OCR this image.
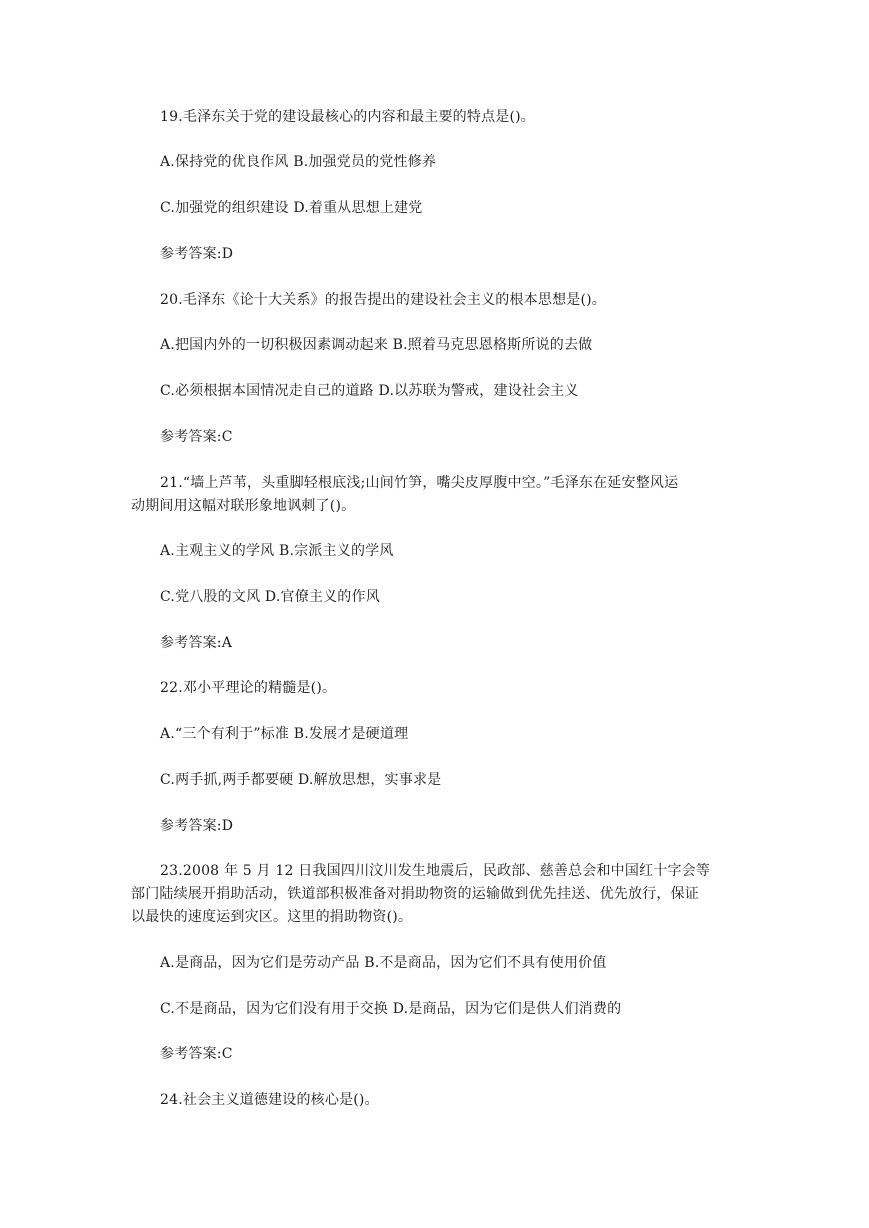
19.毛泽东关于党的建设最核心的内容和最主要的特点是()。
A.保持党的优良作风 B.加强党员的党性修养
C.加强党的组织建设 D.着重从思想上建党
参考答案:D
20.毛泽东《论十大关系》的报告提出的建设社会主义的根本思想是()。
A.把国内外的一切积极因素调动起来 B.照着马克思恩格斯所说的去做
C.必须根据本国情况走自己的道路 D.以苏联为警戒，建设社会主义
参考答案:C
21.“墙上芦苇，头重脚轻根底浅;山间竹笋，嘴尖皮厚腹中空。”毛泽东在延安整风运
动期间用这幅对联形象地讽刺了()。
A.主观主义的学风 B.宗派主义的学风
C.党八股的文风 D.官僚主义的作风
参考答案:A
22.邓小平理论的精髓是()。
A.“三个有利于”标准 B.发展才是硬道理
C.两手抓,两手都要硬 D.解放思想，实事求是
参考答案:D
23.2008 年 5 月 12 日我国四川汶川发生地震后，民政部、慈善总会和中国红十字会等
部门陆续展开捐助活动，铁道部积极准备对捐助物资的运输做到优先挂送、优先放行，保证
以最快的速度运到灾区。这里的捐助物资()。
A.是商品，因为它们是劳动产品 B.不是商品，因为它们不具有使用价值
C.不是商品，因为它们没有用于交换 D.是商品，因为它们是供人们消费的
参考答案:C
24.社会主义道德建设的核心是()。
